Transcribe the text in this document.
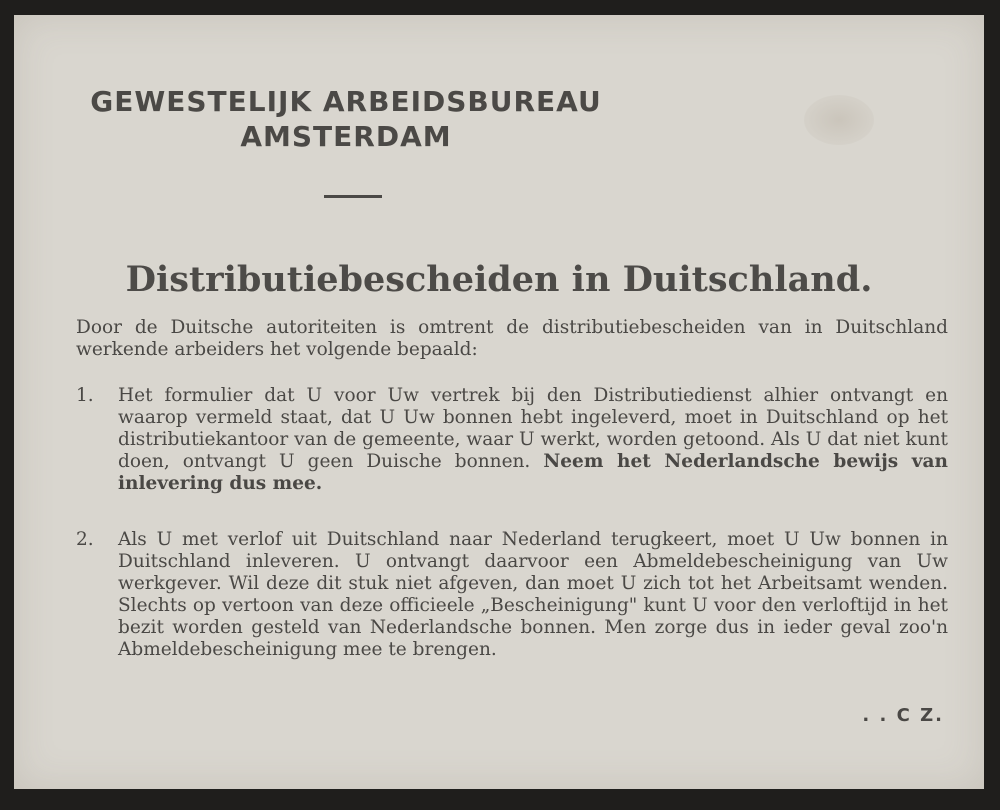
GEWESTELIJK ARBEIDSBUREAU
AMSTERDAM
Distributiebescheiden in Duitschland.
Door de Duitsche autoriteiten is omtrent de distributiebescheiden van in Duitschland werkende arbeiders het volgende bepaald:
1.	Het formulier dat U voor Uw vertrek bij den Distributiedienst alhier ontvangt en waarop vermeld staat, dat U Uw bonnen hebt ingeleverd, moet in Duitschland op het distributiekantoor van de gemeente, waar U werkt, worden getoond. Als U dat niet kunt doen, ontvangt U geen Duische bonnen. Neem het Nederlandsche bewijs van inlevering dus mee.
2.	Als U met verlof uit Duitschland naar Nederland terugkeert, moet U Uw bonnen in Duitschland inleveren. U ontvangt daarvoor een Abmeldebescheinigung van Uw werkgever. Wil deze dit stuk niet afgeven, dan moet U zich tot het Arbeitsamt wenden. Slechts op vertoon van deze officieele „Bescheinigung" kunt U voor den verloftijd in het bezit worden gesteld van Nederlandsche bonnen. Men zorge dus in ieder geval zoo'n Abmeldebescheinigung mee te brengen.
. . C Z.
